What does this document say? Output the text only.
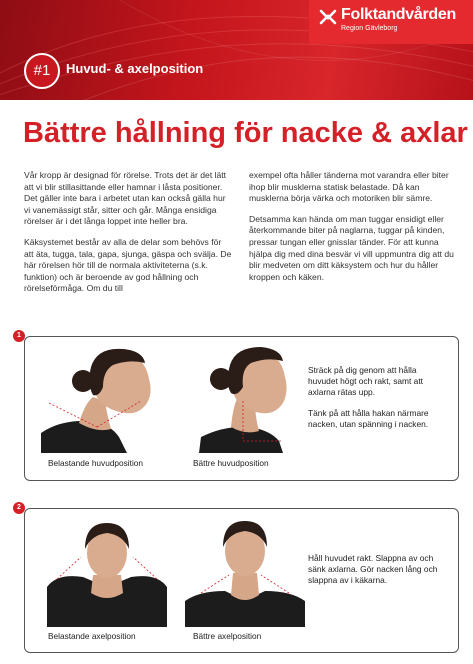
Folktandvården
Region Gävleborg
#1	Huvud- & axelposition
Bättre hållning för nacke & axlar

Vår kropp är designad för rörelse. Trots det är det lätt att vi blir stillasittande eller hamnar i låsta positioner. Det gäller inte bara i arbetet utan kan också gälla hur vi vanemässigt står, sitter och går. Många ensidiga rörelser är i det långa loppet inte heller bra.

Käksystemet består av alla de delar som behövs för att äta, tugga, tala, gapa, sjunga, gäspa och svälja. De här rörelsen hör till de normala aktiviteterna (s.k. funktion) och är beroende av god hållning och rörelseförmåga. Om du till

exempel ofta håller tänderna mot varandra eller biter ihop blir musklerna statisk belastade. Då kan musklerna börja värka och motoriken blir sämre.

Detsamma kan hända om man tuggar ensidigt eller återkommande biter på naglarna, tuggar på kinden, pressar tungan eller gnisslar tänder. För att kunna hjälpa dig med dina besvär vi vill uppmuntra dig att du blir medveten om ditt käksystem och hur du håller kroppen och käken.

Belastande huvudposition	Bättre huvudposition

Sträck på dig genom att hålla huvudet högt och rakt, samt att axlarna rätas upp.

Tänk på att hålla hakan närmare nacken, utan spänning i nacken.

1
Belastande axelposition	Bättre axelposition

Håll huvudet rakt. Slappna av och sänk axlarna. Gör nacken lång och slappna av i käkarna.

2
